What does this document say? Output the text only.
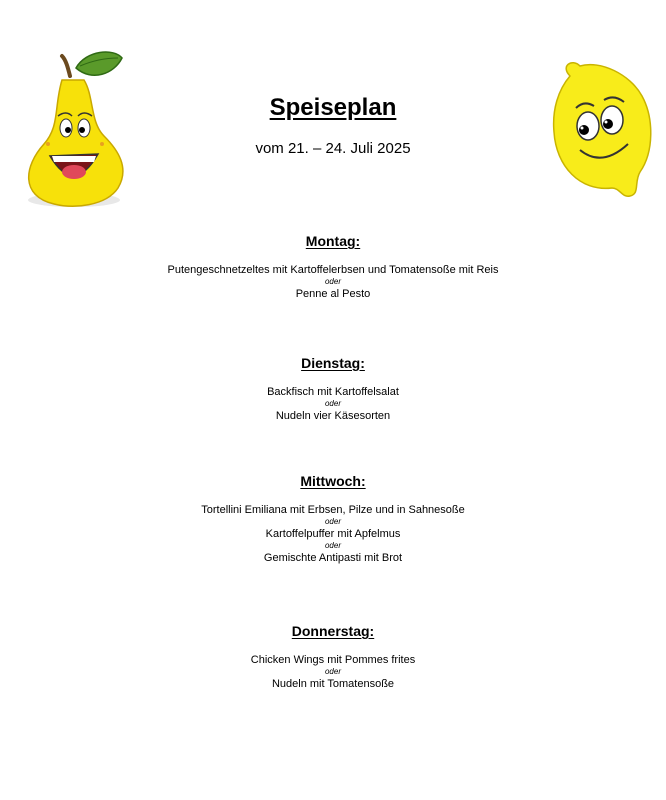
Speiseplan
vom 21. – 24. Juli 2025
Montag:
Putengeschnetzeltes mit Kartoffelerbsen und Tomatensoße mit Reis
oder
Penne al Pesto
Dienstag:
Backfisch mit Kartoffelsalat
oder
Nudeln vier Käsesorten
Mittwoch:
Tortellini Emiliana mit Erbsen, Pilze und in Sahnesoße
oder
Kartoffelpuffer mit Apfelmus
oder
Gemischte Antipasti mit Brot
Donnerstag:
Chicken Wings mit Pommes frites
oder
Nudeln mit Tomatensoße
